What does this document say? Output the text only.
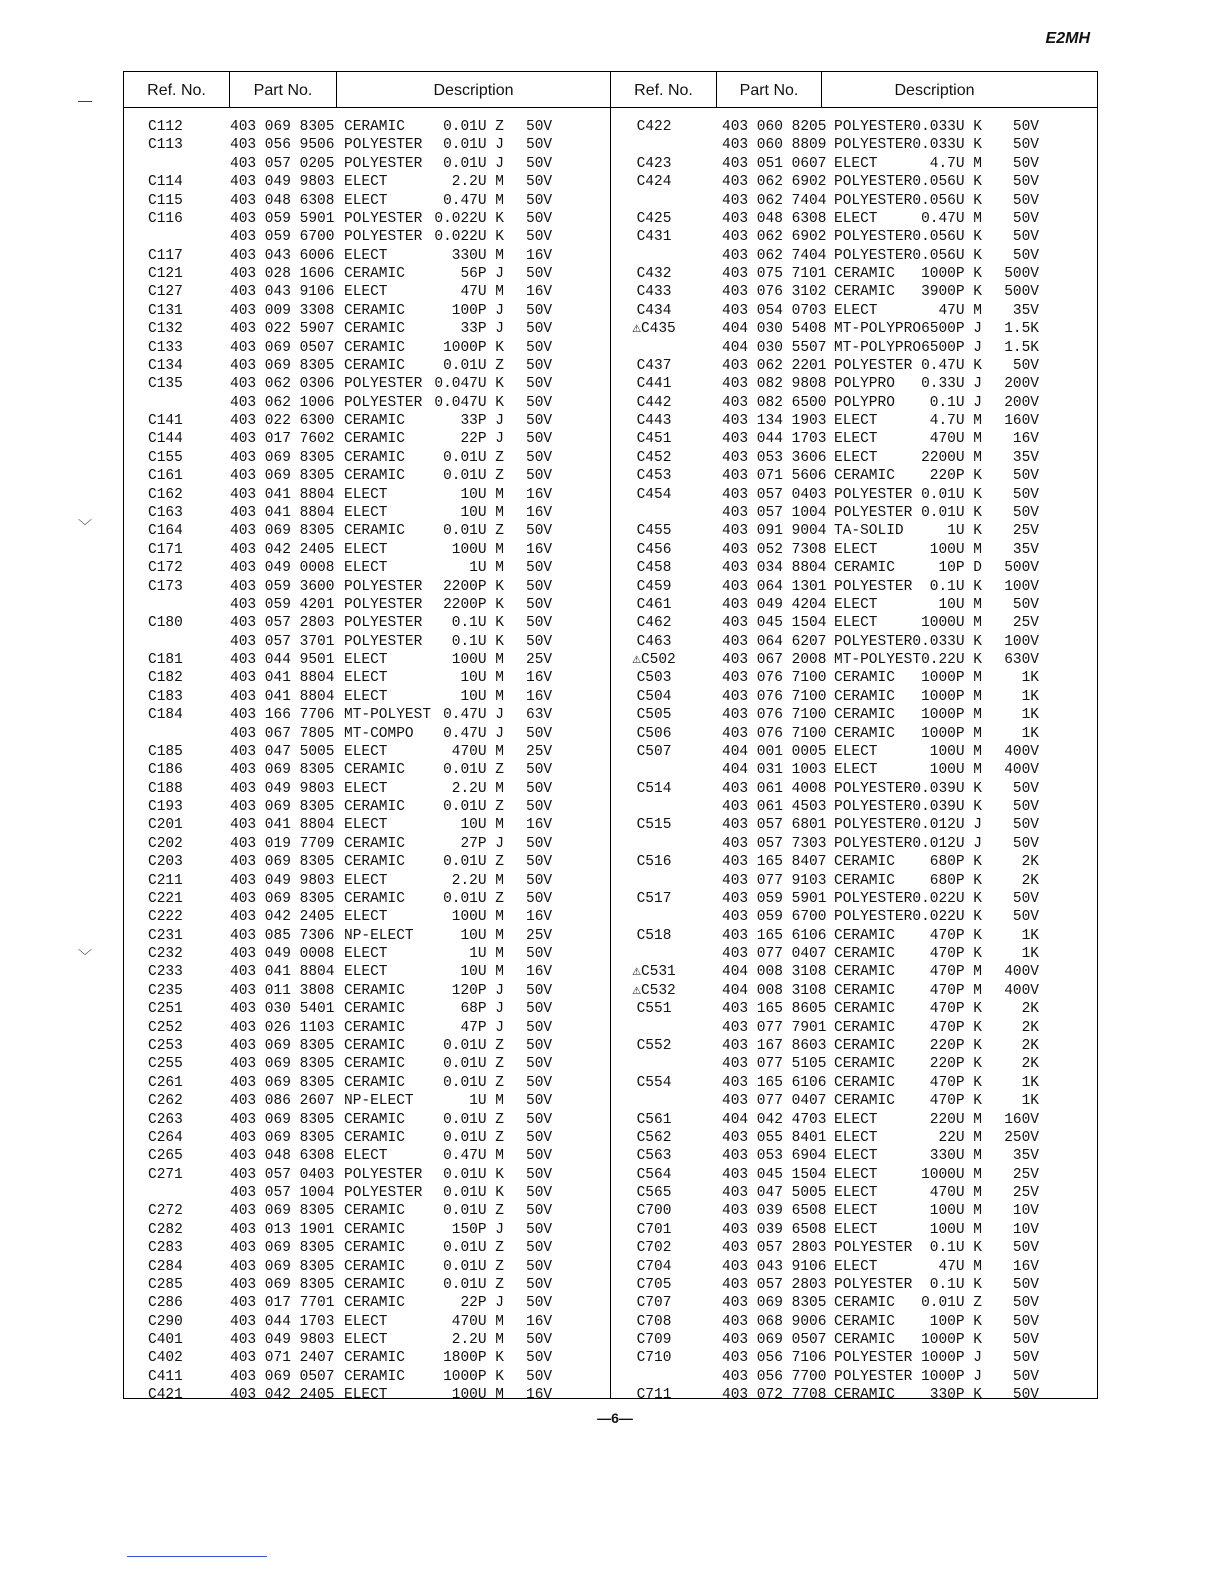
E2MH
Ref. No.	Part No.	Description	Ref. No.	Part No.	Description
C112	403 069 8305 CERAMIC	0.01U Z 50V
C113	403 056 9506 POLYESTER	0.01U J 50V
403 057 0205 POLYESTER	0.01U J 50V
C114	403 049 9803 ELECT	2.2U M 50V
C115	403 048 6308 ELECT	0.47U M 50V
C116	403 059 5901 POLYESTER 0.022U K 50V
403 059 6700 POLYESTER 0.022U K 50V
C117	403 043 6006 ELECT	330U M 16V
C121	403 028 1606 CERAMIC	56P J 50V
C127	403 043 9106 ELECT	47U M 16V
C131	403 009 3308 CERAMIC	100P J 50V
C132	403 022 5907 CERAMIC	33P J 50V
C133	403 069 0507 CERAMIC	1000P K 50V
C134	403 069 8305 CERAMIC	0.01U Z 50V
C135	403 062 0306 POLYESTER 0.047U K 50V
403 062 1006 POLYESTER 0.047U K 50V
C141	403 022 6300 CERAMIC	33P J 50V
C144	403 017 7602 CERAMIC	22P J 50V
C155	403 069 8305 CERAMIC	0.01U Z 50V
C161	403 069 8305 CERAMIC	0.01U Z 50V
C162	403 041 8804 ELECT	10U M 16V
C163	403 041 8804 ELECT	10U M 16V
C164	403 069 8305 CERAMIC	0.01U Z 50V
C171	403 042 2405 ELECT	100U M 16V
C172	403 049 0008 ELECT	1U M 50V
C173	403 059 3600 POLYESTER	2200P K 50V
403 059 4201 POLYESTER	2200P K 50V
C180	403 057 2803 POLYESTER	0.1U K 50V
403 057 3701 POLYESTER	0.1U K 50V
C181	403 044 9501 ELECT	100U M 25V
C182	403 041 8804 ELECT	10U M 16V
C183	403 041 8804 ELECT	10U M 16V
C184	403 166 7706 MT-POLYEST 0.47U J 63V
403 067 7805 MT-COMPO	0.47U J 50V
C185	403 047 5005 ELECT	470U M 25V
C186	403 069 8305 CERAMIC	0.01U Z 50V
C188	403 049 9803 ELECT	2.2U M 50V
C193	403 069 8305 CERAMIC	0.01U Z 50V
C201	403 041 8804 ELECT	10U M 16V
C202	403 019 7709 CERAMIC	27P J 50V
C203	403 069 8305 CERAMIC	0.01U Z 50V
C211	403 049 9803 ELECT	2.2U M 50V
C221	403 069 8305 CERAMIC	0.01U Z 50V
C222	403 042 2405 ELECT	100U M 16V
C231	403 085 7306 NP-ELECT	10U M 25V
C232	403 049 0008 ELECT	1U M 50V
C233	403 041 8804 ELECT	10U M 16V
C235	403 011 3808 CERAMIC	120P J 50V
C251	403 030 5401 CERAMIC	68P J 50V
C252	403 026 1103 CERAMIC	47P J 50V
C253	403 069 8305 CERAMIC	0.01U Z 50V
C255	403 069 8305 CERAMIC	0.01U Z 50V
C261	403 069 8305 CERAMIC	0.01U Z 50V
C262	403 086 2607 NP-ELECT	1U M 50V
C263	403 069 8305 CERAMIC	0.01U Z 50V
C264	403 069 8305 CERAMIC	0.01U Z 50V
C265	403 048 6308 ELECT	0.47U M 50V
C271	403 057 0403 POLYESTER	0.01U K 50V
403 057 1004 POLYESTER	0.01U K 50V
C272	403 069 8305 CERAMIC	0.01U Z 50V
C282	403 013 1901 CERAMIC	150P J 50V
C283	403 069 8305 CERAMIC	0.01U Z 50V
C284	403 069 8305 CERAMIC	0.01U Z 50V
C285	403 069 8305 CERAMIC	0.01U Z 50V
C286	403 017 7701 CERAMIC	22P J 50V
C290	403 044 1703 ELECT	470U M 16V
C401	403 049 9803 ELECT	2.2U M 50V
C402	403 071 2407 CERAMIC	1800P K 50V
C411	403 069 0507 CERAMIC	1000P K 50V
C421	403 042 2405 ELECT	100U M 16V
C422	403 060 8205 POLYESTER 0.033U K	50V
403 060 8809 POLYESTER 0.033U K	50V
C423	403 051 0607 ELECT	4.7U M	50V
C424	403 062 6902 POLYESTER 0.056U K	50V
403 062 7404 POLYESTER 0.056U K	50V
C425	403 048 6308 ELECT	0.47U M	50V
C431	403 062 6902 POLYESTER 0.056U K	50V
403 062 7404 POLYESTER 0.056U K	50V
C432	403 075 7101 CERAMIC	1000P K	500V
C433	403 076 3102 CERAMIC	3900P K	500V
C434	403 054 0703 ELECT	47U M	35V
⚠C435	404 030 5408 MT-POLYPRO 6500P J	1.5K
404 030 5507 MT-POLYPRO 6500P J	1.5K
C437	403 062 2201 POLYESTER 0.47U K	50V
C441	403 082 9808 POLYPRO	0.33U J	200V
C442	403 082 6500 POLYPRO	0.1U J	200V
C443	403 134 1903 ELECT	4.7U M	160V
C451	403 044 1703 ELECT	470U M	16V
C452	403 053 3606 ELECT	2200U M	35V
C453	403 071 5606 CERAMIC	220P K	50V
C454	403 057 0403 POLYESTER 0.01U K	50V
403 057 1004 POLYESTER 0.01U K	50V
C455	403 091 9004 TA-SOLID	1U K	25V
C456	403 052 7308 ELECT	100U M	35V
C458	403 034 8804 CERAMIC	10P D	500V
C459	403 064 1301 POLYESTER	0.1U K	100V
C461	403 049 4204 ELECT	10U M	50V
C462	403 045 1504 ELECT	1000U M	25V
C463	403 064 6207 POLYESTER 0.033U K	100V
⚠C502	403 067 2008 MT-POLYEST 0.22U K	630V
C503	403 076 7100 CERAMIC	1000P M	1K
C504	403 076 7100 CERAMIC	1000P M	1K
C505	403 076 7100 CERAMIC	1000P M	1K
C506	403 076 7100 CERAMIC	1000P M	1K
C507	404 001 0005 ELECT	100U M	400V
404 031 1003 ELECT	100U M	400V
C514	403 061 4008 POLYESTER 0.039U K	50V
403 061 4503 POLYESTER 0.039U K	50V
C515	403 057 6801 POLYESTER 0.012U J	50V
403 057 7303 POLYESTER 0.012U J	50V
C516	403 165 8407 CERAMIC	680P K	2K
403 077 9103 CERAMIC	680P K	2K
C517	403 059 5901 POLYESTER 0.022U K	50V
403 059 6700 POLYESTER 0.022U K	50V
C518	403 165 6106 CERAMIC	470P K	1K
403 077 0407 CERAMIC	470P K	1K
⚠C531	404 008 3108 CERAMIC	470P M	400V
⚠C532	404 008 3108 CERAMIC	470P M	400V
C551	403 165 8605 CERAMIC	470P K	2K
403 077 7901 CERAMIC	470P K	2K
C552	403 167 8603 CERAMIC	220P K	2K
403 077 5105 CERAMIC	220P K	2K
C554	403 165 6106 CERAMIC	470P K	1K
403 077 0407 CERAMIC	470P K	1K
C561	404 042 4703 ELECT	220U M	160V
C562	403 055 8401 ELECT	22U M	250V
C563	403 053 6904 ELECT	330U M	35V
C564	403 045 1504 ELECT	1000U M	25V
C565	403 047 5005 ELECT	470U M	25V
C700	403 039 6508 ELECT	100U M	10V
C701	403 039 6508 ELECT	100U M	10V
C702	403 057 2803 POLYESTER	0.1U K	50V
C704	403 043 9106 ELECT	47U M	16V
C705	403 057 2803 POLYESTER	0.1U K	50V
C707	403 069 8305 CERAMIC	0.01U Z	50V
C708	403 068 9006 CERAMIC	100P K	50V
C709	403 069 0507 CERAMIC	1000P K	50V
C710	403 056 7106 POLYESTER 1000P J	50V
403 056 7700 POLYESTER 1000P J	50V
C711	403 072 7708 CERAMIC	330P K	50V
—6—
—
﹀
﹀
